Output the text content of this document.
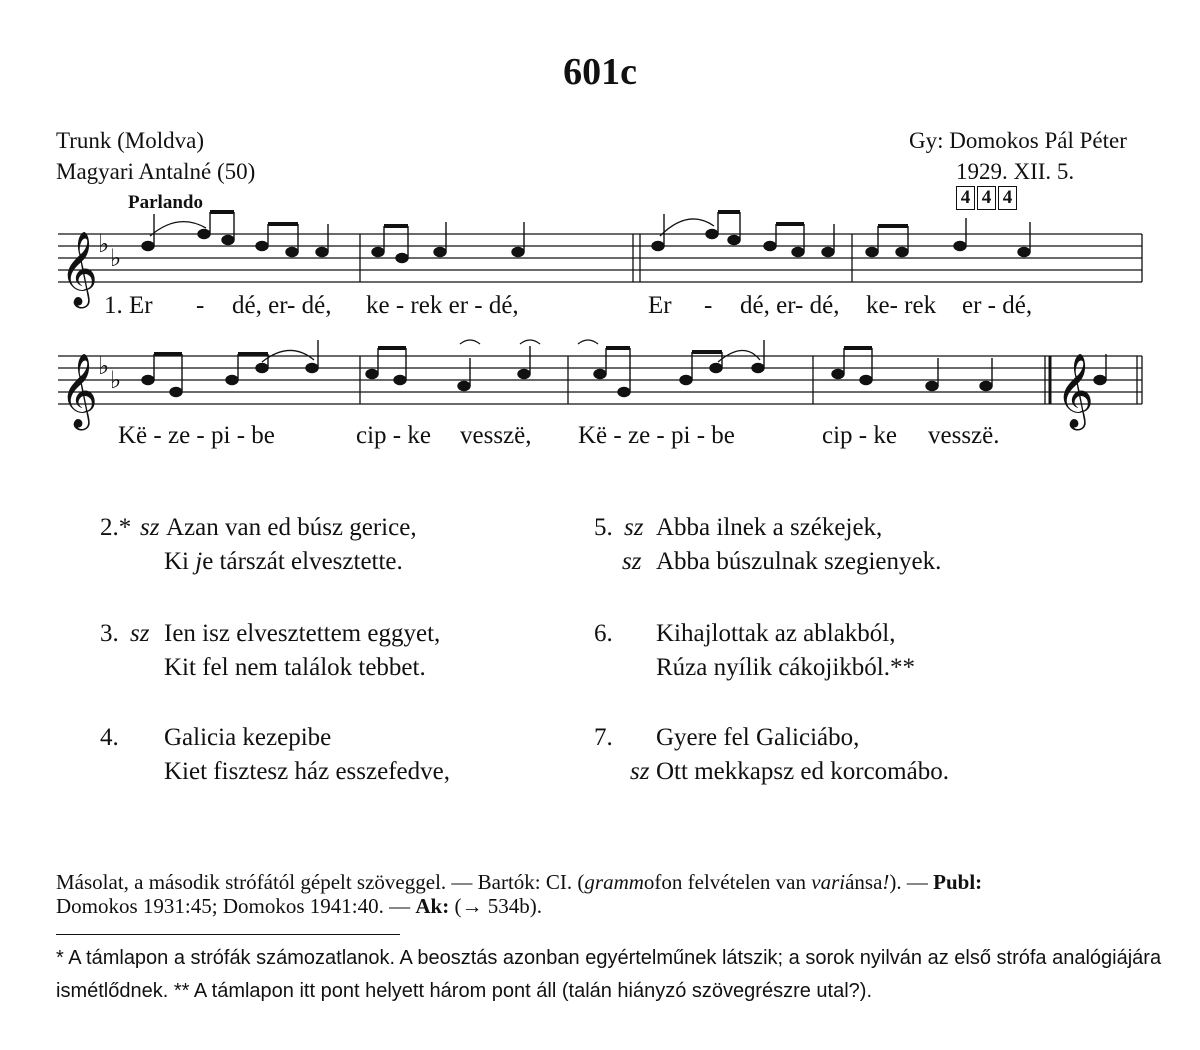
601c
Trunk (Moldva)
Magyari Antalné (50)
Gy: Domokos Pál Péter
1929. XII. 5.
4 4 4
Parlando
𝄞 ♭ ♭
𝄞 ♭ ♭	𝄞
1. Er - dé, er- dé, ke - rek er - dé,	Er - dé, er- dé, ke- rek er - dé,
Kë - ze - pi - be	cip - ke vesszë, Kë - ze - pi - be	cip - ke vesszë.
2.* sz Azan van ed búsz gerice,
Ki je társzát elvesztette.
3. sz Ien isz elvesztettem eggyet,
Kit fel nem találok tebbet.
4. Galicia kezepibe
Kiet fisztesz ház esszefedve,
5. sz Abba ilnek a székejek,
sz Abba búszulnak szegienyek.
6. Kihajlottak az ablakból,
Rúza nyílik cákojikból.**
7. Gyere fel Galiciábo,
sz Ott mekkapsz ed korcomábo.
Másolat, a második strófától gépelt szöveggel. — Bartók: CI. (grammofon felvételen van variánsa!). — Publ:
Domokos 1931:45; Domokos 1941:40. — Ak: (→ 534b).
* A támlapon a strófák számozatlanok. A beosztás azonban egyértelműnek látszik; a sorok nyilván az első strófa analógiájára ismétlődnek. ** A támlapon itt pont helyett három pont áll (talán hiányzó szövegrészre utal?).
